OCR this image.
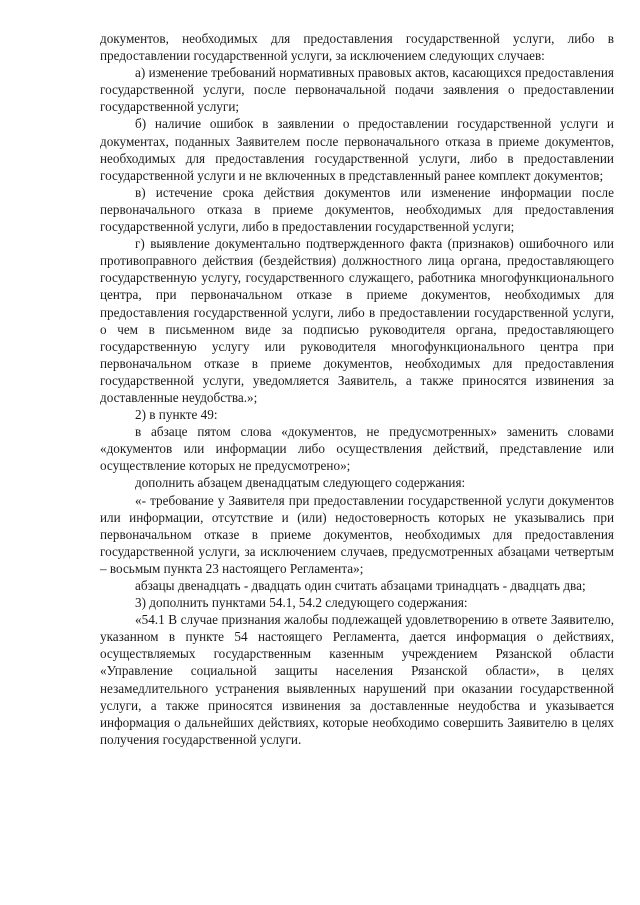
документов, необходимых для предоставления государственной услуги, либо в предоставлении государственной услуги, за исключением следующих случаев:

а) изменение требований нормативных правовых актов, касающихся предоставления государственной услуги, после первоначальной подачи заявления о предоставлении государственной услуги;

б) наличие ошибок в заявлении о предоставлении государственной услуги и документах, поданных Заявителем после первоначального отказа в приеме документов, необходимых для предоставления государственной услуги, либо в предоставлении государственной услуги и не включенных в представленный ранее комплект документов;

в) истечение срока действия документов или изменение информации после первоначального отказа в приеме документов, необходимых для предоставления государственной услуги, либо в предоставлении государственной услуги;

г) выявление документально подтвержденного факта (признаков) ошибочного или противоправного действия (бездействия) должностного лица органа, предоставляющего государственную услугу, государственного служащего, работника многофункционального центра, при первоначальном отказе в приеме документов, необходимых для предоставления государственной услуги, либо в предоставлении государственной услуги, о чем в письменном виде за подписью руководителя органа, предоставляющего государственную услугу или руководителя многофункционального центра при первоначальном отказе в приеме документов, необходимых для предоставления государственной услуги, уведомляется Заявитель, а также приносятся извинения за доставленные неудобства.»;

2) в пункте 49:

в абзаце пятом слова «документов, не предусмотренных» заменить словами «документов или информации либо осуществления действий, представление или осуществление которых не предусмотрено»;

дополнить абзацем двенадцатым следующего содержания:

«- требование у Заявителя при предоставлении государственной услуги документов или информации, отсутствие и (или) недостоверность которых не указывались при первоначальном отказе в приеме документов, необходимых для предоставления государственной услуги, за исключением случаев, предусмотренных абзацами четвертым – восьмым пункта 23 настоящего Регламента»;

абзацы двенадцать - двадцать один считать абзацами тринадцать - двадцать два;

3) дополнить пунктами 54.1, 54.2 следующего содержания:

«54.1 В случае признания жалобы подлежащей удовлетворению в ответе Заявителю, указанном в пункте 54 настоящего Регламента, дается информация о действиях, осуществляемых государственным казенным учреждением Рязанской области «Управление социальной защиты населения Рязанской области», в целях незамедлительного устранения выявленных нарушений при оказании государственной услуги, а также приносятся извинения за доставленные неудобства и указывается информация о дальнейших действиях, которые необходимо совершить Заявителю в целях получения государственной услуги.
